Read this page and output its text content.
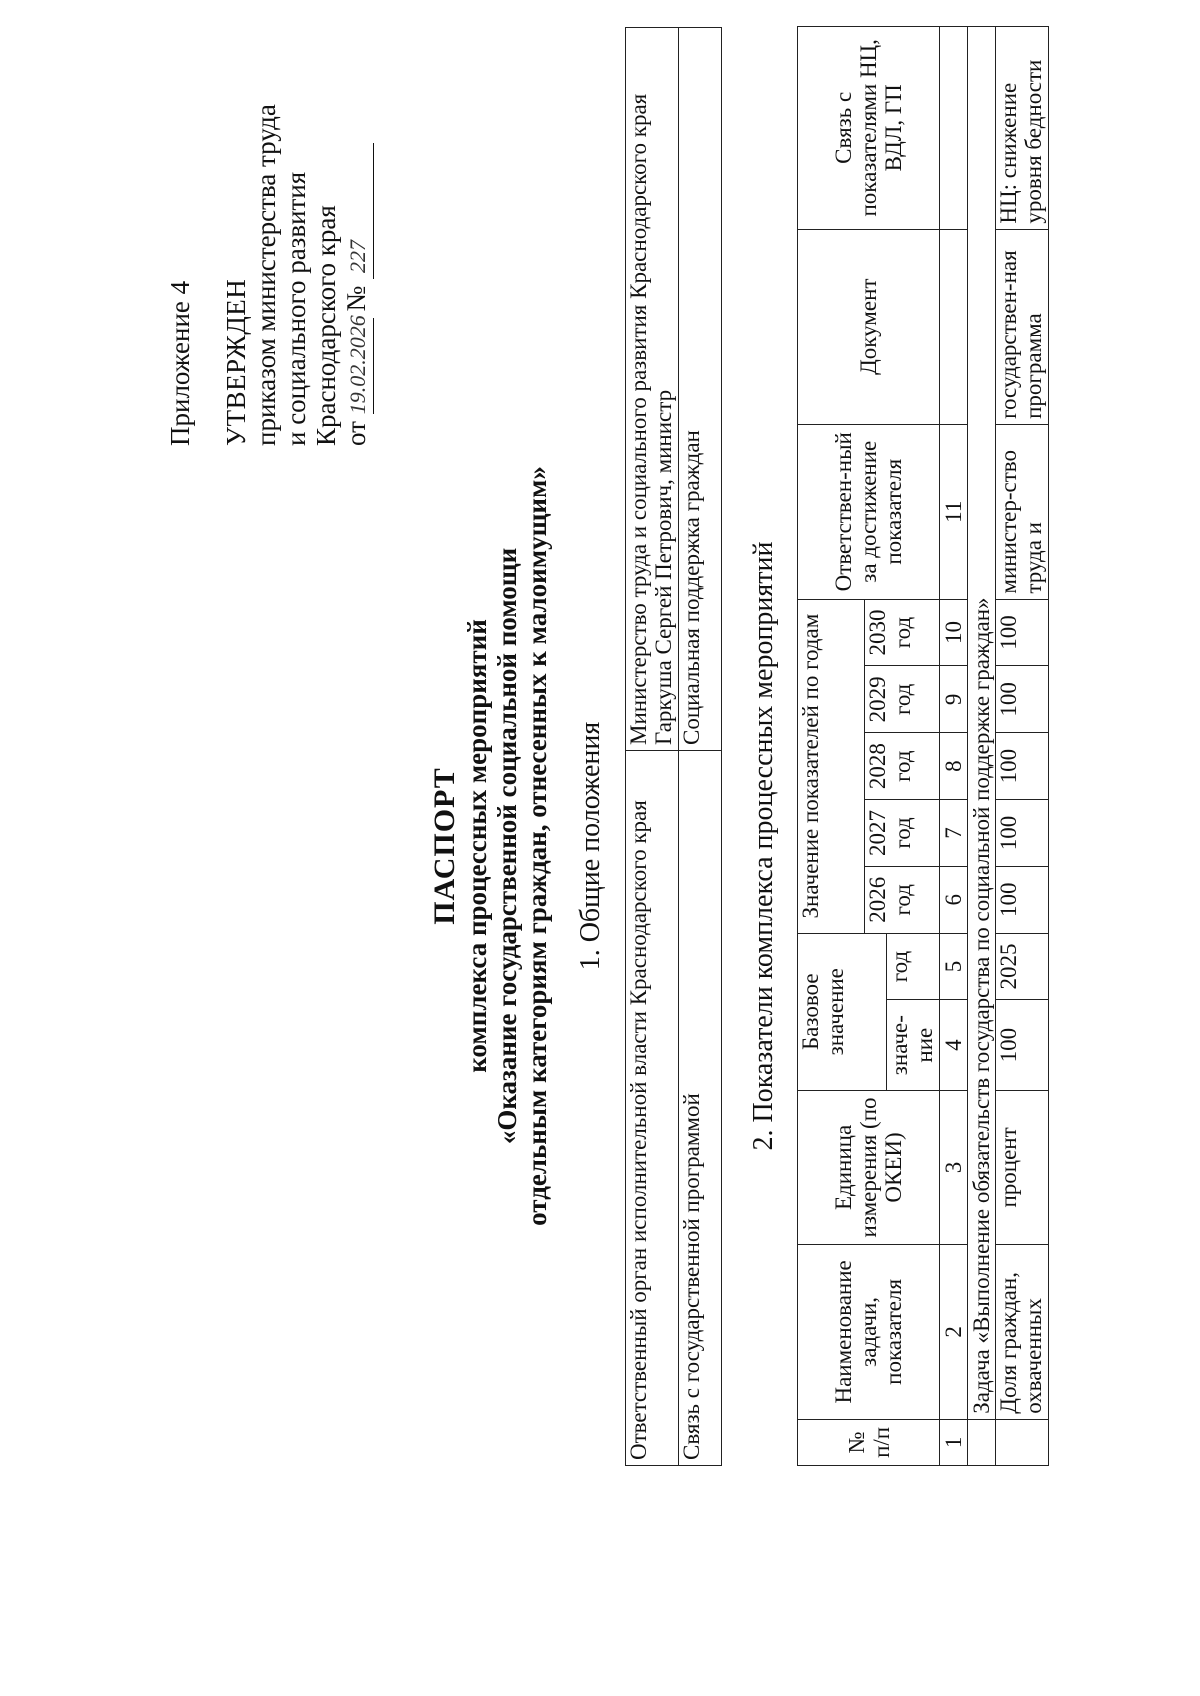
Приложение 4 УТВЕРЖДЕН приказом министерства труда и социального развития Краснодарского края от 19.02.2026 № 227
ПАСПОРТ комплекса процессных мероприятий «Оказание государственной социальной помощи отдельным категориям граждан, отнесенных к малоимущим» 1. Общие положения Ответственный орган исполнительной власти Краснодарского края	Министерство труда и социального развития Краснодарского края Гаркуша Сергей Петрович, министр
Связь с государственной программой	Социальная поддержка граждан 2. Показатели комплекса процессных мероприятий
№ п/п	Наименование задачи, показателя	Единица измерения (по ОКЕИ)	Базовое значение		Значение показателей по годам					Ответствен-ный за достижение показателя	Документ	Связь с показателями НЦ, ВДЛ, ГП
					2026 год	2027 год	2028 год	2029 год	2030 год			
			значе-ние	год								
1	2	3	4	5	6	7	8	9	10	11		
	Задача «Выполнение обязательств государства по социальной поддержке граждан»											
	Доля граждан, охваченных	процент	100	2025	100	100	100	100	100	министер-ство труда и	государствен-ная программа	НЦ: снижение уровня бедности
